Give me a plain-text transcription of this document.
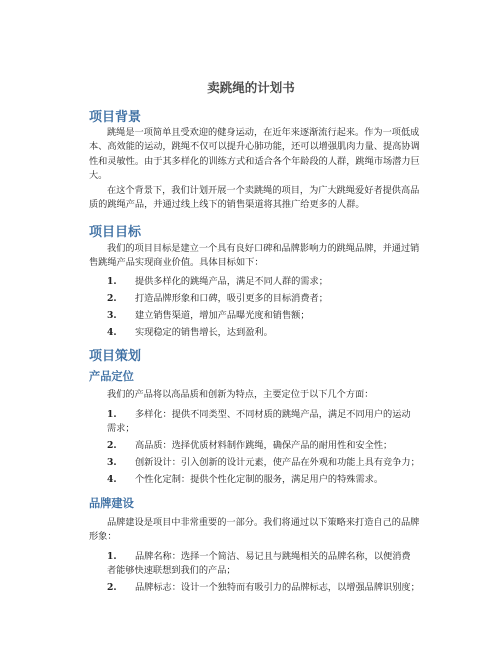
卖跳绳的计划书
项目背景

跳绳是一项简单且受欢迎的健身运动，在近年来逐渐流行起来。作为一项低成本、高效能的运动，跳绳不仅可以提升心肺功能，还可以增强肌肉力量、提高协调性和灵敏性。由于其多样化的训练方式和适合各个年龄段的人群，跳绳市场潜力巨大。

在这个背景下，我们计划开展一个卖跳绳的项目，为广大跳绳爱好者提供高品质的跳绳产品，并通过线上线下的销售渠道将其推广给更多的人群。

项目目标

我们的项目目标是建立一个具有良好口碑和品牌影响力的跳绳品牌，并通过销售跳绳产品实现商业价值。具体目标如下：

1. 提供多样化的跳绳产品，满足不同人群的需求；
2. 打造品牌形象和口碑，吸引更多的目标消费者；
3. 建立销售渠道，增加产品曝光度和销售额；
4. 实现稳定的销售增长，达到盈利。
项目策划
产品定位

我们的产品将以高品质和创新为特点，主要定位于以下几个方面：

1. 多样化：提供不同类型、不同材质的跳绳产品，满足不同用户的运动
需求；
2. 高品质：选择优质材料制作跳绳，确保产品的耐用性和安全性；
3. 创新设计：引入创新的设计元素，使产品在外观和功能上具有竞争力；
4. 个性化定制：提供个性化定制的服务，满足用户的特殊需求。
品牌建设

品牌建设是项目中非常重要的一部分。我们将通过以下策略来打造自己的品牌形象：

1. 品牌名称：选择一个简洁、易记且与跳绳相关的品牌名称，以便消费
者能够快速联想到我们的产品；
2. 品牌标志：设计一个独特而有吸引力的品牌标志，以增强品牌识别度；
